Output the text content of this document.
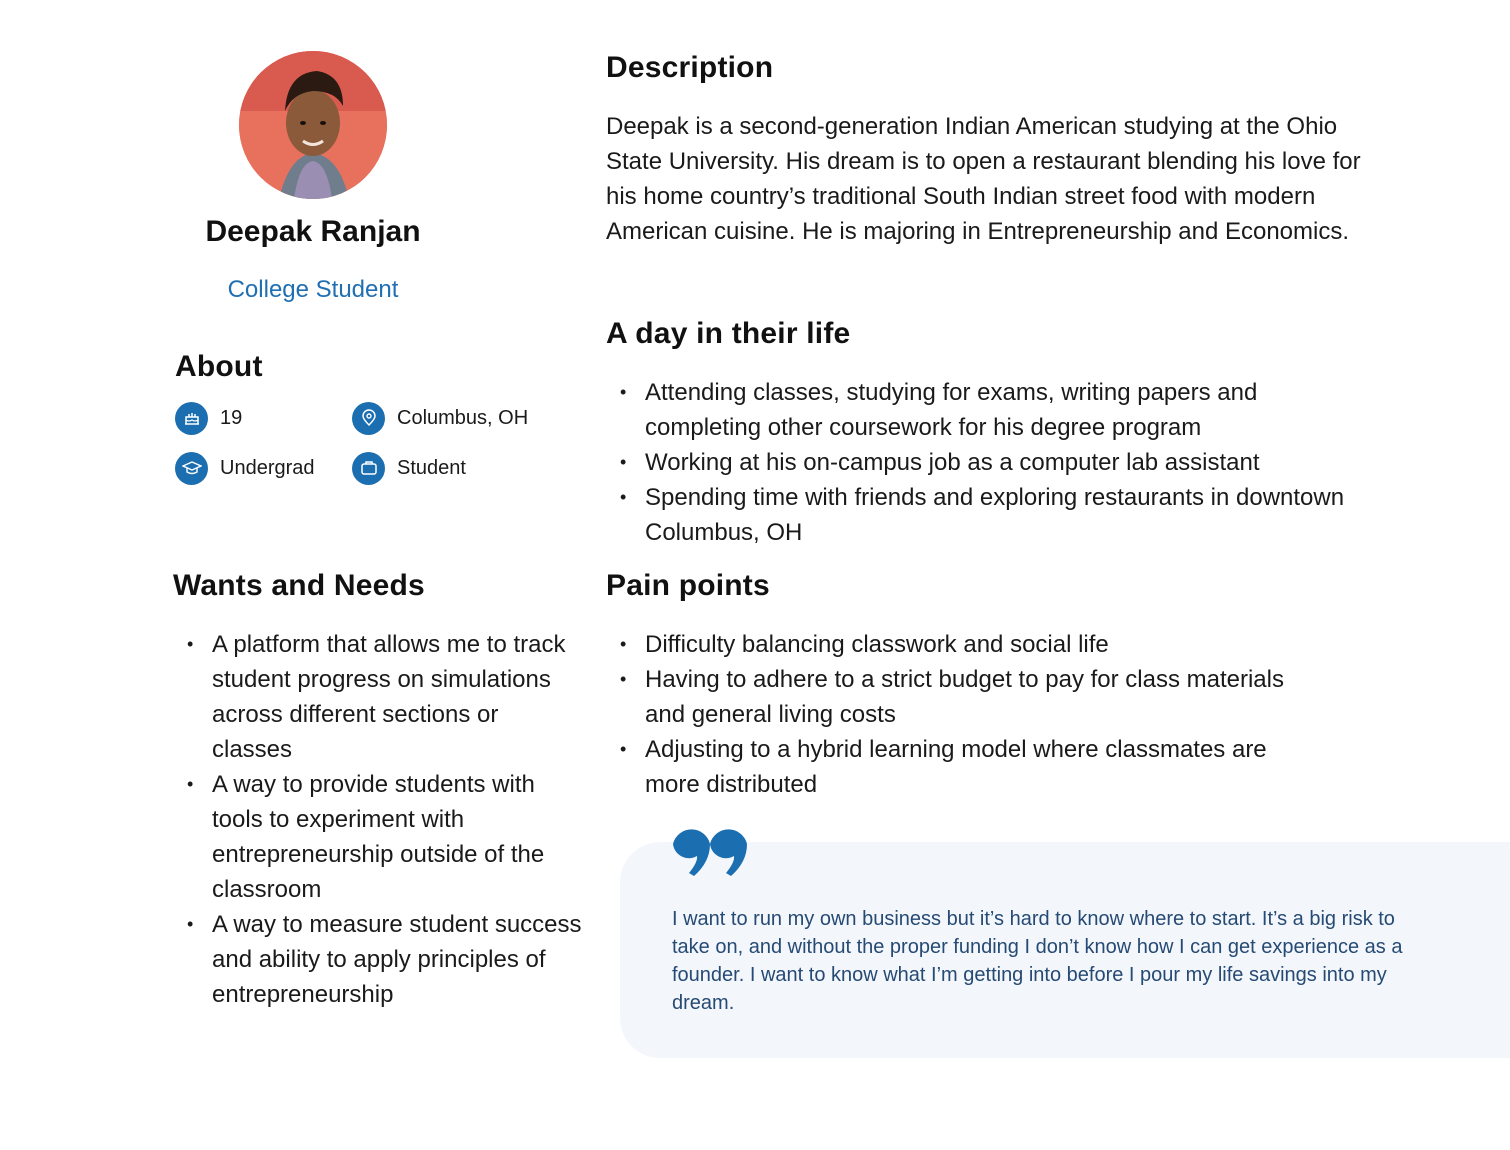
Deepak Ranjan
College Student
About
19	Columbus, OH
Undergrad	Student
Wants and Needs
• A platform that allows me to track student progress on simulations across different sections or classes
• A way to provide students with tools to experiment with entrepreneurship outside of the classroom
• A way to measure student success and ability to apply principles of entrepreneurship
Description
Deepak is a second-generation Indian American studying at the Ohio State University. His dream is to open a restaurant blending his love for his home country’s traditional South Indian street food with modern American cuisine. He is majoring in Entrepreneurship and Economics.
A day in their life
• Attending classes, studying for exams, writing papers and completing other coursework for his degree program
• Working at his on-campus job as a computer lab assistant
• Spending time with friends and exploring restaurants in downtown Columbus, OH
Pain points
• Difficulty balancing classwork and social life
• Having to adhere to a strict budget to pay for class materials and general living costs
• Adjusting to a hybrid learning model where classmates are more distributed
I want to run my own business but it’s hard to know where to start. It’s a big risk to take on, and without the proper funding I don’t know how I can get experience as a founder. I want to know what I’m getting into before I pour my life savings into my dream.
